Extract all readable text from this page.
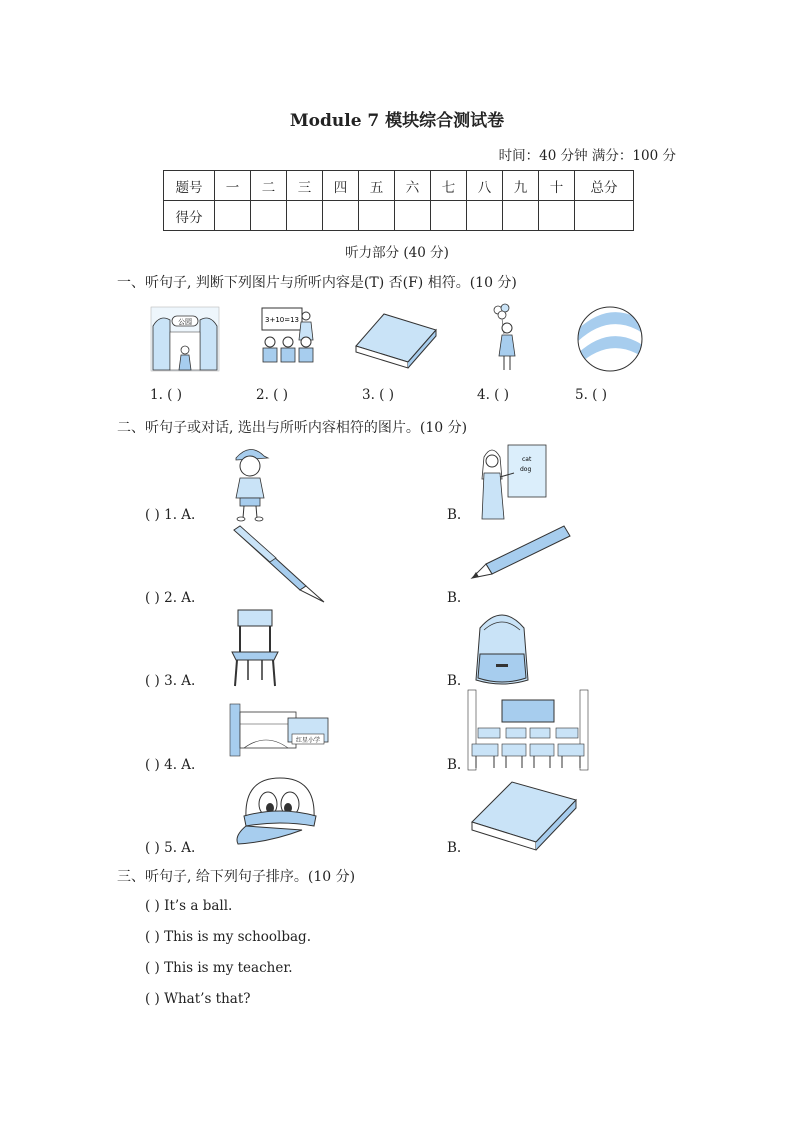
Module 7 模块综合测试卷
时间：40 分钟 满分：100 分
题号	一	二	三	四	五	六	七	八	九	十	总分
得分											
听力部分 (40 分)
一、听句子, 判断下列图片与所听内容是(T) 否(F) 相符。(10 分)
公园	3+10=13
1. ( )	2. ( )	3. ( )	4. ( )	5. ( )
二、听句子或对话, 选出与所听内容相符的图片。(10 分)
( ) 1. A.
cat
dog
B.
( ) 2. A.	B.
( ) 3. A.	B.
红星小学
( ) 4. A.	B.
( ) 5. A.	B.
三、听句子, 给下列句子排序。(10 分)
( ) It’s a ball.
( ) This is my schoolbag.
( ) This is my teacher.
( ) What’s that?
